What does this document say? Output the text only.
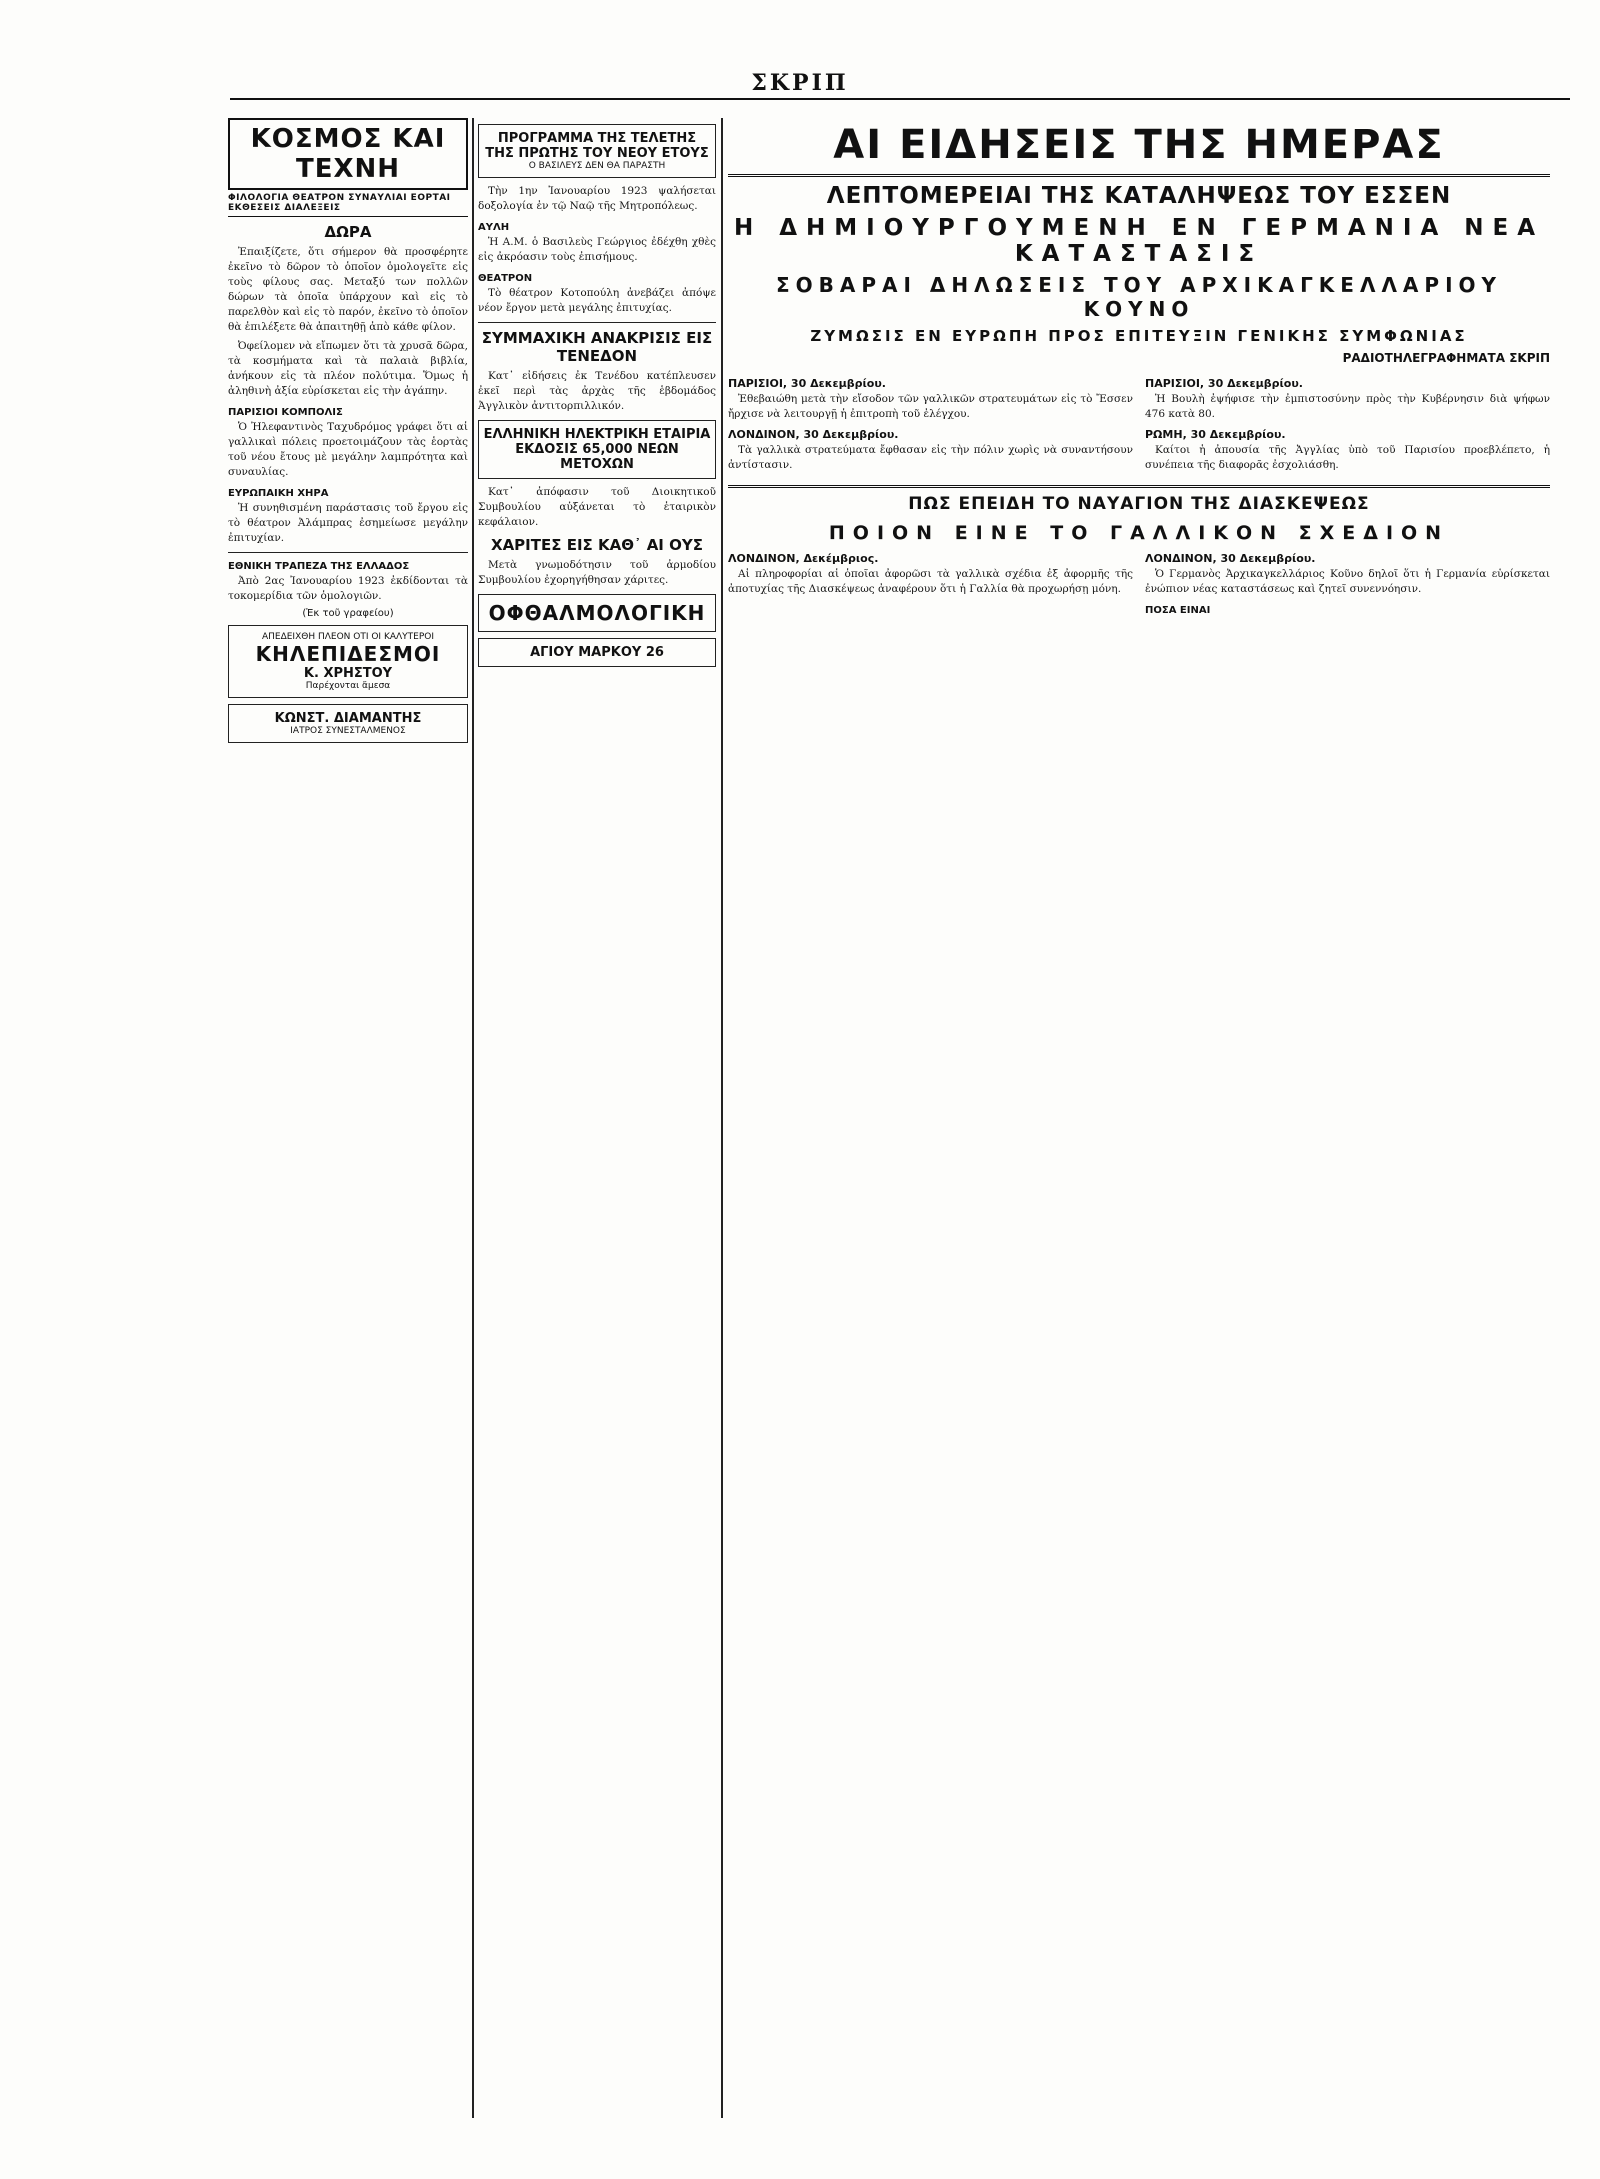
ΣΚΡΙΠ
ΚΟΣΜΟΣ ΚΑΙ ΤΕΧΝΗ
ΦΙΛΟΛΟΓΙΑ ΘΕΑΤΡΟΝ ΣΥΝΑΥΛΙΑΙ ΕΟΡΤΑΙ ΕΚΘΕΣΕΙΣ ΔΙΑΛΕΞΕΙΣ
ΔΩΡΑ

Ἐπαιξίζετε, ὅτι σήμερον θὰ προσφέρητε ἐκεῖνο τὸ δῶρον τὸ ὁποῖον ὁμολογεῖτε εἰς τοὺς φίλους σας. Μεταξύ των πολλῶν δώρων τὰ ὁποῖα ὑπάρχουν καὶ εἰς τὸ παρελθὸν καὶ εἰς τὸ παρόν, ἐκεῖνο τὸ ὁποῖον θὰ ἐπιλέξετε θὰ ἀπαιτηθῇ ἀπὸ κάθε φίλον.

Ὀφείλομεν νὰ εἴπωμεν ὅτι τὰ χρυσᾶ δῶρα, τὰ κοσμήματα καὶ τὰ παλαιὰ βιβλία, ἀνήκουν εἰς τὰ πλέον πολύτιμα. Ὅμως ἡ ἀληθινὴ ἀξία εὑρίσκεται εἰς τὴν ἀγάπην.

ΠΑΡΙΣΙΟΙ ΚΟΜΠΟΛΙΣ

Ὁ Ἠλεφαντινὸς Ταχυδρόμος γράφει ὅτι αἱ γαλλικαὶ πόλεις προετοιμάζουν τὰς ἑορτὰς τοῦ νέου ἔτους μὲ μεγάλην λαμπρότητα καὶ συναυλίας.

ΕΥΡΩΠΑΙΚΗ ΧΗΡΑ

Ἡ συνηθισμένη παράστασις τοῦ ἔργου εἰς τὸ θέατρον Ἀλάμπρας ἐσημείωσε μεγάλην ἐπιτυχίαν.

ΕΘΝΙΚΗ ΤΡΑΠΕΖΑ ΤΗΣ ΕΛΛΑΔΟΣ

Ἀπὸ 2ας Ἰανουαρίου 1923 ἐκδίδονται τὰ τοκομερίδια τῶν ὁμολογιῶν.

(Ἐκ τοῦ γραφείου)
ΑΠΕΔΕΙΧΘΗ ΠΛΕΟΝ ΟΤΙ ΟΙ ΚΑΛΥΤΕΡΟΙ
ΚΗΛΕΠΙΔΕΣΜΟΙ
Κ. ΧΡΗΣΤΟΥ
Παρέχονται ἄμεσα
ΚΩΝΣΤ. ΔΙΑΜΑΝΤΗΣ
ΙΑΤΡΟΣ ΣΥΝΕΣΤΑΛΜΕΝΟΣ
ΠΡΟΓΡΑΜΜΑ ΤΗΣ ΤΕΛΕΤΗΣ ΤΗΣ ΠΡΩΤΗΣ ΤΟΥ ΝΕΟΥ ΕΤΟΥΣ
Ο ΒΑΣΙΛΕΥΣ ΔΕΝ ΘΑ ΠΑΡΑΣΤΗ

Τὴν 1ην Ἰανουαρίου 1923 ψαλήσεται δοξολογία ἐν τῷ Ναῷ τῆς Μητροπόλεως.

ΑΥΛΗ

Ἡ Α.Μ. ὁ Βασιλεὺς Γεώργιος ἐδέχθη χθὲς εἰς ἀκρόασιν τοὺς ἐπισήμους.

ΘΕΑΤΡΟΝ

Τὸ θέατρον Κοτοπούλη ἀνεβάζει ἀπόψε νέον ἔργον μετὰ μεγάλης ἐπιτυχίας.

ΣΥΜΜΑΧΙΚΗ ΑΝΑΚΡΙΣΙΣ ΕΙΣ ΤΕΝΕΔΟΝ

Κατ᾽ εἰδήσεις ἐκ Τενέδου κατέπλευσεν ἐκεῖ περὶ τὰς ἀρχὰς τῆς ἑβδομάδος Ἀγγλικὸν ἀντιτορπιλλικόν.

ΕΛΛΗΝΙΚΗ ΗΛΕΚΤΡΙΚΗ ΕΤΑΙΡΙΑ ΕΚΔΟΣΙΣ 65,000 ΝΕΩΝ ΜΕΤΟΧΩΝ

Κατ᾽ ἀπόφασιν τοῦ Διοικητικοῦ Συμβουλίου αὐξάνεται τὸ ἑταιρικὸν κεφάλαιον.

ΧΑΡΙΤΕΣ ΕΙΣ ΚΑΘ᾽ ΑΙ ΟΥΣ

Μετὰ γνωμοδότησιν τοῦ ἀρμοδίου Συμβουλίου ἐχορηγήθησαν χάριτες.

ΟΦΘΑΛΜΟΛΟΓΙΚΗ
ΑΓΙΟΥ ΜΑΡΚΟΥ 26
ΑΙ ΕΙΔΗΣΕΙΣ ΤΗΣ ΗΜΕΡΑΣ
ΛΕΠΤΟΜΕΡΕΙΑΙ ΤΗΣ ΚΑΤΑΛΗΨΕΩΣ ΤΟΥ ΕΣΣΕΝ
Η ΔΗΜΙΟΥΡΓΟΥΜΕΝΗ ΕΝ ΓΕΡΜΑΝΙΑ ΝΕΑ ΚΑΤΑΣΤΑΣΙΣ
ΣΟΒΑΡΑΙ ΔΗΛΩΣΕΙΣ ΤΟΥ ΑΡΧΙΚΑΓΚΕΛΛΑΡΙΟΥ ΚΟΥΝΟ
ΖΥΜΩΣΙΣ ΕΝ ΕΥΡΩΠΗ ΠΡΟΣ ΕΠΙΤΕΥΞΙΝ ΓΕΝΙΚΗΣ ΣΥΜΦΩΝΙΑΣ
ΡΑΔΙΟΤΗΛΕΓΡΑΦΗΜΑΤΑ ΣΚΡΙΠ
ΠΑΡΙΣΙΟΙ, 30 Δεκεμβρίου.

Ἐθεβαιώθη μετὰ τὴν εἴσοδον τῶν γαλλικῶν στρατευμάτων εἰς τὸ Ἔσσεν ἤρχισε νὰ λειτουργῇ ἡ ἐπιτροπὴ τοῦ ἐλέγχου.

ΛΟΝΔΙΝΟΝ, 30 Δεκεμβρίου.

Τὰ γαλλικὰ στρατεύματα ἔφθασαν εἰς τὴν πόλιν χωρὶς νὰ συναντήσουν ἀντίστασιν.

ΠΑΡΙΣΙΟΙ, 30 Δεκεμβρίου.

Ἡ Βουλὴ ἐψήφισε τὴν ἐμπιστοσύνην πρὸς τὴν Κυβέρνησιν διὰ ψήφων 476 κατὰ 80.

ΡΩΜΗ, 30 Δεκεμβρίου.

Καίτοι ἡ ἀπουσία τῆς Ἀγγλίας ὑπὸ τοῦ Παρισίου προεβλέπετο, ἡ συνέπεια τῆς διαφορᾶς ἐσχολιάσθη.

ΠΩΣ ΕΠΕΙΔΗ ΤΟ ΝΑΥΑΓΙΟΝ ΤΗΣ ΔΙΑΣΚΕΨΕΩΣ
ΠΟΙΟΝ ΕΙΝΕ ΤΟ ΓΑΛΛΙΚΟΝ ΣΧΕΔΙΟΝ
ΛΟΝΔΙΝΟΝ, Δεκέμβριος.

Αἱ πληροφορίαι αἱ ὁποῖαι ἀφορῶσι τὰ γαλλικὰ σχέδια ἐξ ἀφορμῆς τῆς ἀποτυχίας τῆς Διασκέψεως ἀναφέρουν ὅτι ἡ Γαλλία θὰ προχωρήσῃ μόνη.

ΛΟΝΔΙΝΟΝ, 30 Δεκεμβρίου.

Ὁ Γερμανὸς Ἀρχικαγκελλάριος Κοῦνο δηλοῖ ὅτι ἡ Γερμανία εὑρίσκεται ἐνώπιον νέας καταστάσεως καὶ ζητεῖ συνεννόησιν.

ΠΟΣΑ ΕΙΝΑΙ
